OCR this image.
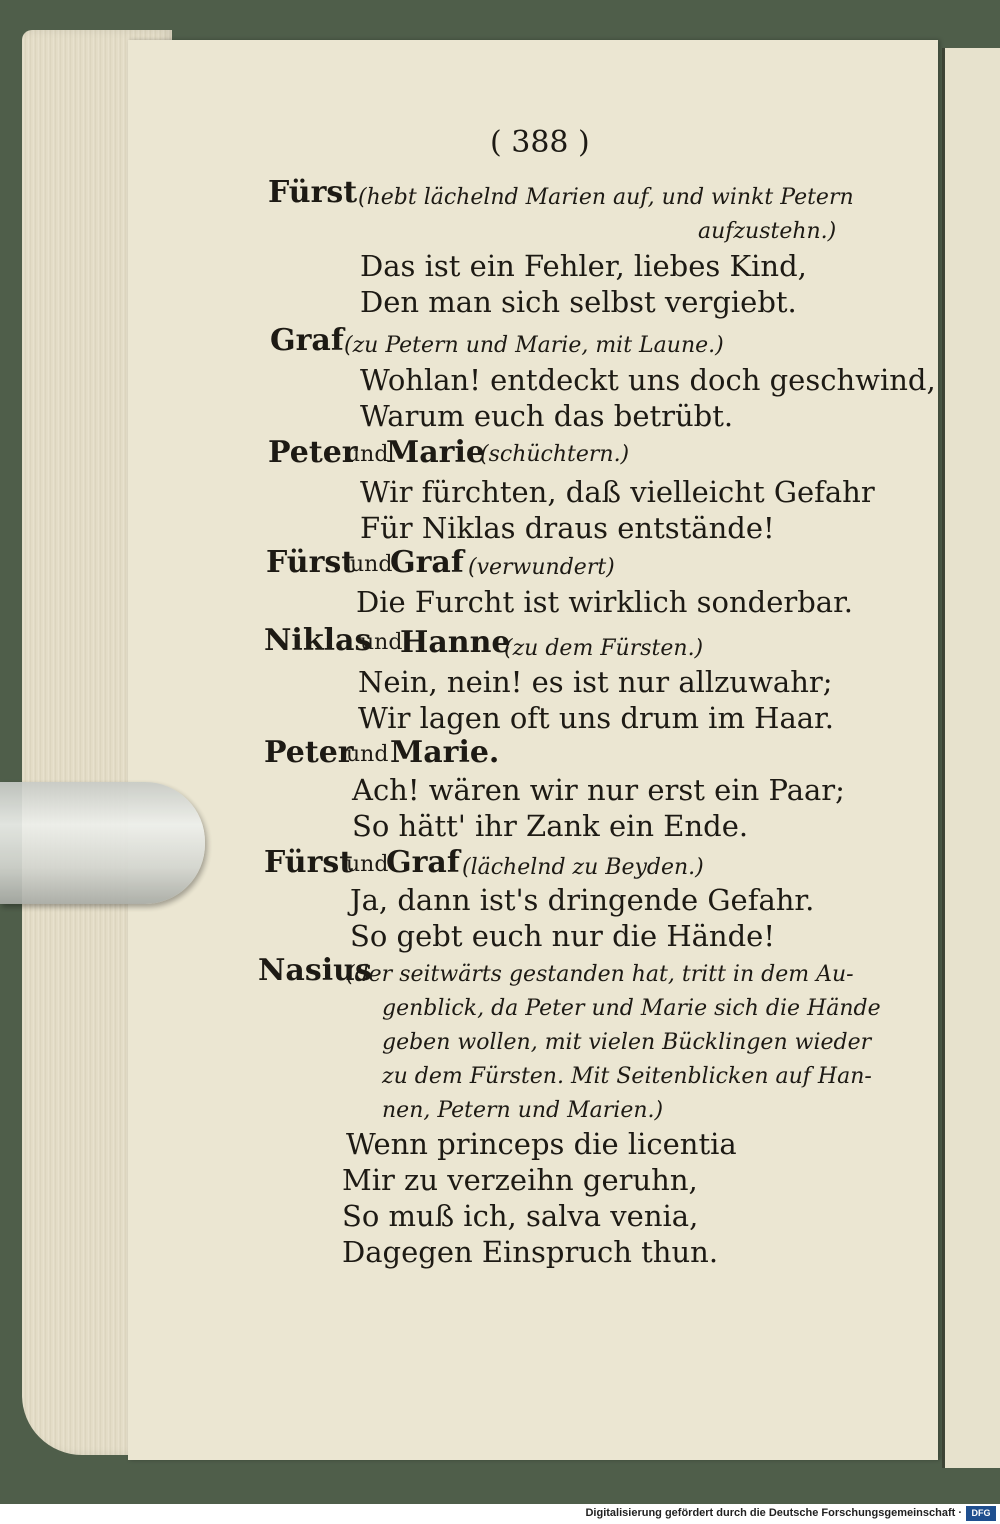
( 388 )
Fürst (hebt lächelnd Marien auf, und winkt Petern
aufzustehn.)
Das ist ein Fehler, liebes Kind,
Den man sich selbst vergiebt.
Graf (zu Petern und Marie, mit Laune.)
Wohlan! entdeckt uns doch geschwind,
Warum euch das betrübt.
Peter
und
Marie
(schüchtern.)
Wir fürchten, daß vielleicht Gefahr
Für Niklas draus entstände!
Fürst
und
Graf (verwundert)
Die Furcht ist wirklich sonderbar.
Niklas
und
Hanne
(zu dem Fürsten.)
Nein, nein! es ist nur allzuwahr;
Wir lagen oft uns drum im Haar.
Peter
und Marie.
Ach! wären wir nur erst ein Paar;
So hätt' ihr Zank ein Ende.
Fürst
und
Graf (lächelnd zu Beyden.)
Ja, dann ist's dringende Gefahr.
So gebt euch nur die Hände!
Nasius
(der seitwärts gestanden hat, tritt in dem Au-
genblick, da Peter und Marie sich die Hände
geben wollen, mit vielen Bücklingen wieder
zu dem Fürsten. Mit Seitenblicken auf Han-
nen, Petern und Marien.)
Wenn princeps die licentia
Mir zu verzeihn geruhn,
So muß ich, salva venia,
Dagegen Einspruch thun.
Digitalisierung gefördert durch die Deutsche Forschungsgemeinschaft ·	DFG
